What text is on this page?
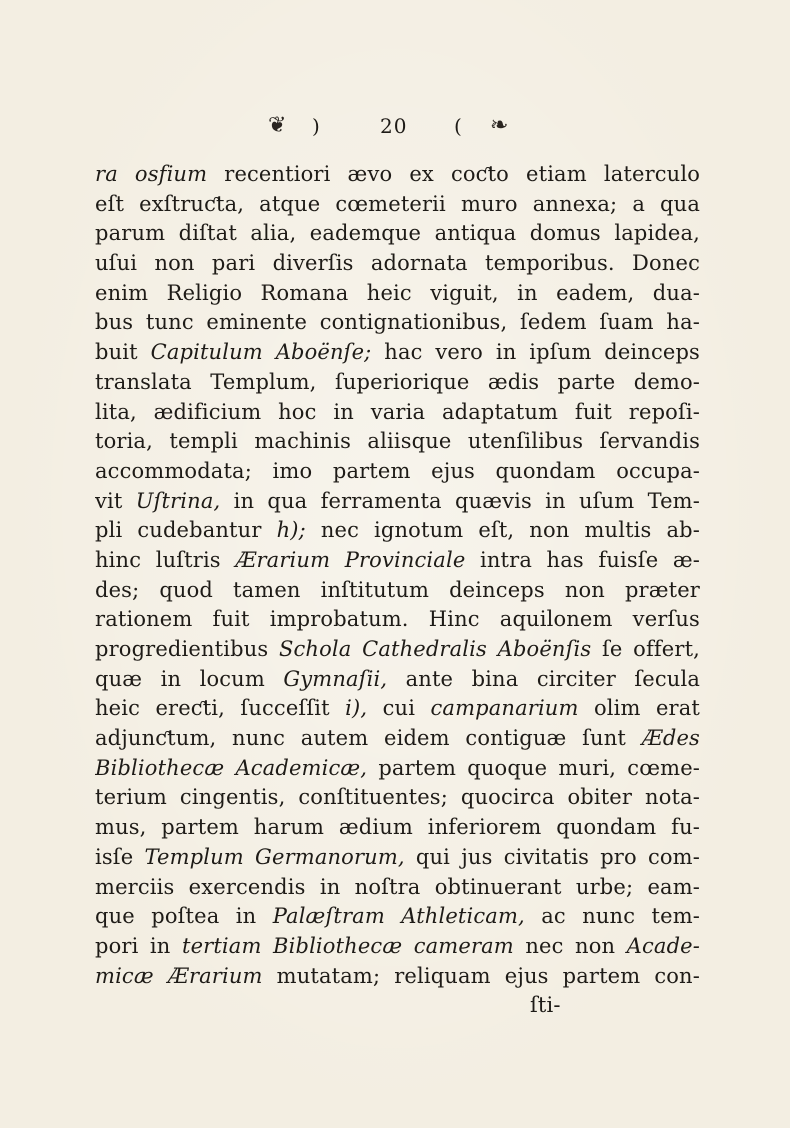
❦ )	20 ( ❧
ra osfium recentiori ævo ex coƈto etiam laterculo
eſt exſtruƈta, atque cœmeterii muro annexa; a qua
parum diſtat alia, eademque antiqua domus lapidea,
uſui non pari diverſis adornata temporibus. Donec
enim Religio Romana heic viguit, in eadem, dua-
bus tunc eminente contignationibus, ſedem ſuam ha-
buit Capitulum Aboënſe; hac vero in ipſum deinceps
translata Templum, ſuperiorique ædis parte demo-
lita, ædificium hoc in varia adaptatum fuit repoſi-
toria, templi machinis aliisque utenſilibus ſervandis
accommodata; imo partem ejus quondam occupa-
vit Uſtrina, in qua ferramenta quævis in uſum Tem-
pli cudebantur h); nec ignotum eſt, non multis ab-
hinc luſtris Ærarium Provinciale intra has fuisſe æ-
des; quod tamen inſtitutum deinceps non præter
rationem fuit improbatum. Hinc aquilonem verſus
progredientibus Schola Cathedralis Aboënſis ſe offert,
quæ in locum Gymnaſii, ante bina circiter ſecula
heic ereƈti, ſucceſſit i), cui campanarium olim erat
adjunƈtum, nunc autem eidem contiguæ ſunt Ædes
Bibliothecæ Academicæ, partem quoque muri, cœme-
terium cingentis, conſtituentes; quocirca obiter nota-
mus, partem harum ædium inferiorem quondam fu-
isſe Templum Germanorum, qui jus civitatis pro com-
merciis exercendis in noſtra obtinuerant urbe; eam-
que poſtea in Palæſtram Athleticam, ac nunc tem-
pori in tertiam Bibliothecæ cameram nec non Acade-
micæ Ærarium mutatam; reliquam ejus partem con-
ſti-
